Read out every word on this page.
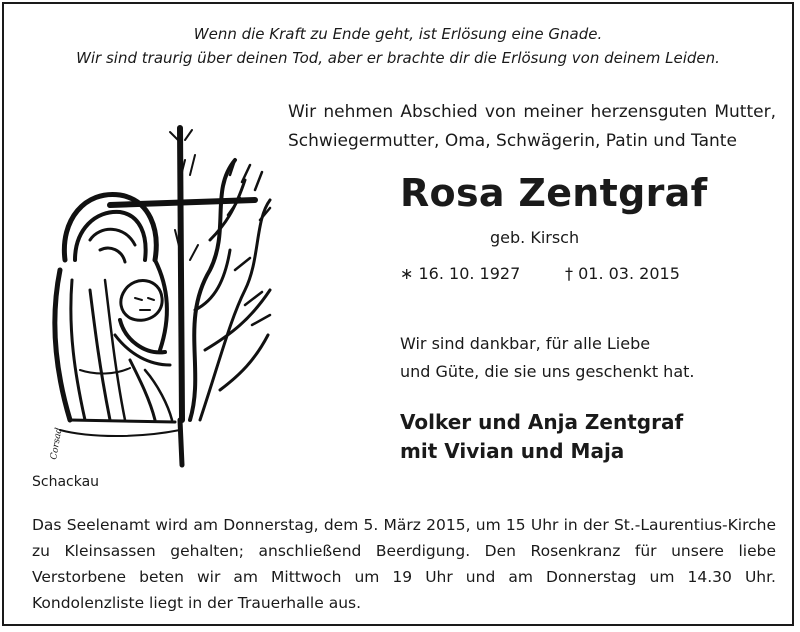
Wenn die Kraft zu Ende geht, ist Erlösung eine Gnade.
Wir sind traurig über deinen Tod, aber er brachte dir die Erlösung von deinem Leiden.
Wir nehmen Abschied von meiner herzensguten Mutter,
Schwiegermutter, Oma, Schwägerin, Patin und Tante
Rosa Zentgraf
geb. Kirsch
∗ 16. 10. 1927	† 01. 03. 2015
Wir sind dankbar, für alle Liebe
und Güte, die sie uns geschenkt hat.
Volker und Anja Zentgraf
mit Vivian und Maja
Corsad
Schackau
Das Seelenamt wird am Donnerstag, dem 5. März 2015, um 15 Uhr in der St.-Laurentius-Kirche zu Kleinsassen gehalten; anschließend Beerdigung. Den Rosenkranz für unsere liebe Verstorbene beten wir am Mittwoch um 19 Uhr und am Donnerstag um 14.30 Uhr. Kondolenzliste liegt in der Trauerhalle aus.
